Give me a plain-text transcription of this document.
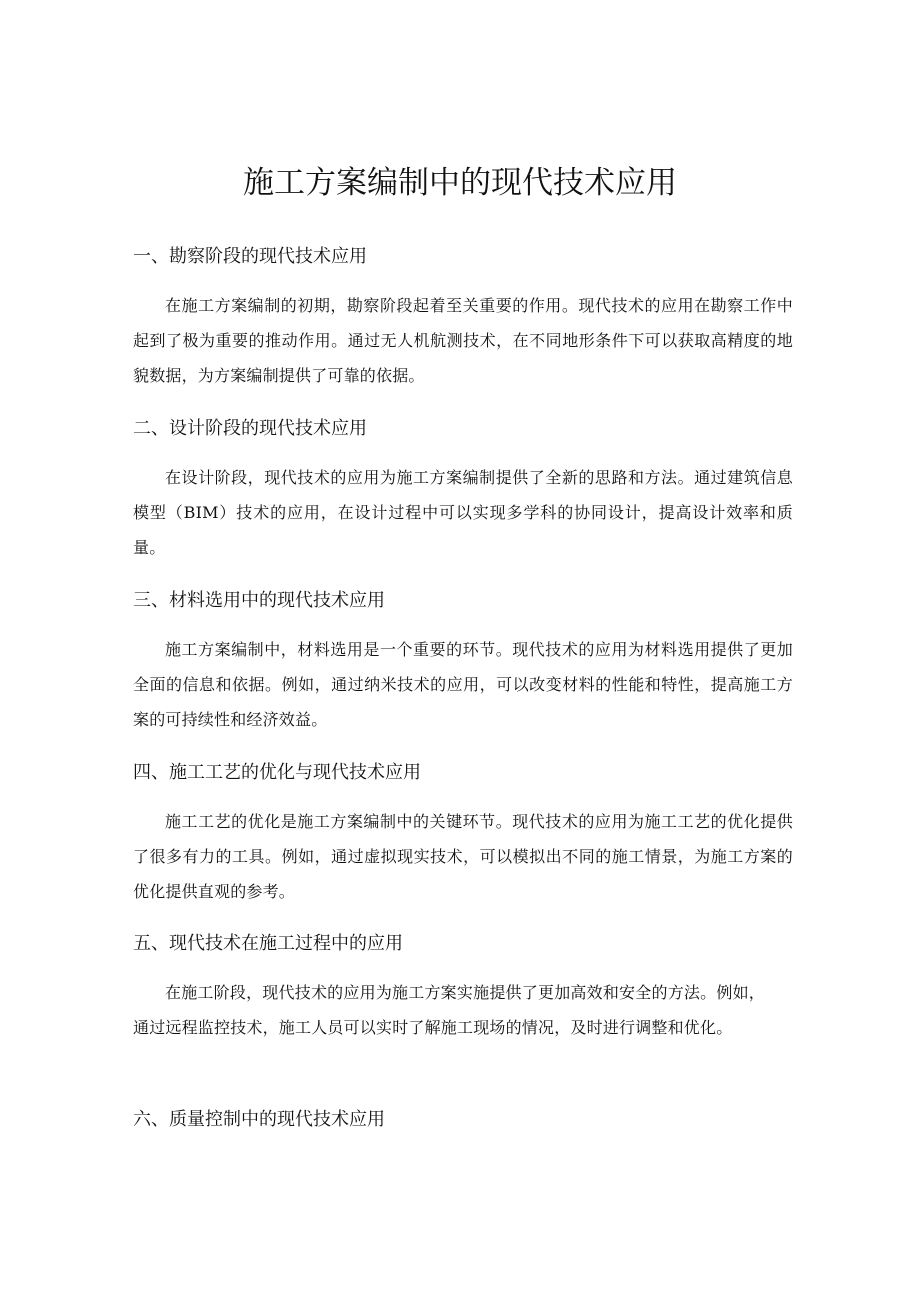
施工方案编制中的现代技术应用
一、勘察阶段的现代技术应用

在施工方案编制的初期，勘察阶段起着至关重要的作用。现代技术的应用在勘察工作中起到了极为重要的推动作用。通过无人机航测技术，在不同地形条件下可以获取高精度的地貌数据，为方案编制提供了可靠的依据。

二、设计阶段的现代技术应用

在设计阶段，现代技术的应用为施工方案编制提供了全新的思路和方法。通过建筑信息模型（BIM）技术的应用，在设计过程中可以实现多学科的协同设计，提高设计效率和质量。

三、材料选用中的现代技术应用

施工方案编制中，材料选用是一个重要的环节。现代技术的应用为材料选用提供了更加全面的信息和依据。例如，通过纳米技术的应用，可以改变材料的性能和特性，提高施工方案的可持续性和经济效益。

四、施工工艺的优化与现代技术应用

施工工艺的优化是施工方案编制中的关键环节。现代技术的应用为施工工艺的优化提供了很多有力的工具。例如，通过虚拟现实技术，可以模拟出不同的施工情景，为施工方案的优化提供直观的参考。

五、现代技术在施工过程中的应用

在施工阶段，现代技术的应用为施工方案实施提供了更加高效和安全的方法。例如，通过远程监控技术，施工人员可以实时了解施工现场的情况，及时进行调整和优化。

六、质量控制中的现代技术应用
